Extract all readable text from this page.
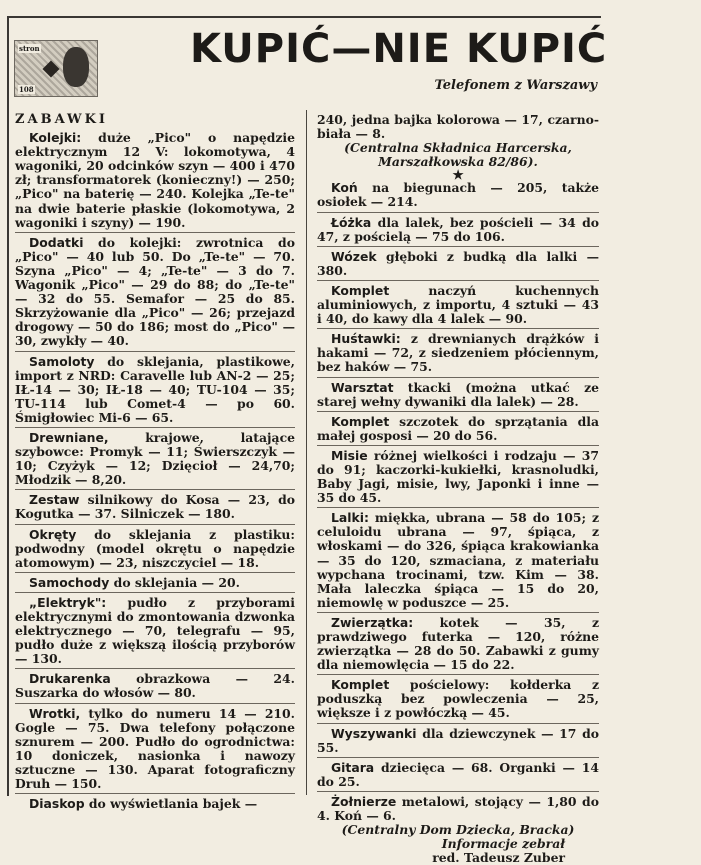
stron
108
KUPIĆ—NIE KUPIĆ
Telefonem z Warszawy
ZABAWKI

Kolejki: duże „Pico" o napędzie elektrycznym 12 V: lokomotywa, 4 wagoniki, 20 odcinków szyn — 400 i 470 zł; transformatorek (konieczny!) — 250; „Pico" na baterię — 240. Kolejka „Te-te" na dwie baterie płaskie (lokomotywa, 2 wagoniki i szyny) — 190.

Dodatki do kolejki: zwrotnica do „Pico" — 40 lub 50. Do „Te-te" — 70. Szyna „Pico" — 4; „Te-te" — 3 do 7. Wagonik „Pico" — 29 do 88; do „Te-te" — 32 do 55. Semafor — 25 do 85. Skrzyżowanie dla „Pico" — 26; przejazd drogowy — 50 do 186; most do „Pico" — 30, zwykły — 40.

Samoloty do sklejania, plastikowe, import z NRD: Caravelle lub AN-2 — 25; IŁ-14 — 30; IŁ-18 — 40; TU-104 — 35; TU-114 lub Comet-4 — po 60. Śmigłowiec Mi-6 — 65.

Drewniane, krajowe, latające szybowce: Promyk — 11; Świerszczyk — 10; Czyżyk — 12; Dzięcioł — 24,70; Młodzik — 8,20.

Zestaw silnikowy do Kosa — 23, do Kogutka — 37. Silniczek — 180.

Okręty do sklejania z plastiku: podwodny (model okrętu o napędzie atomowym) — 23, niszczyciel — 18.

Samochody do sklejania — 20.

„Elektryk": pudło z przyborami elektrycznymi do zmontowania dzwonka elektrycznego — 70, telegrafu — 95, pudło duże z większą ilością przyborów — 130.

Drukarenka obrazkowa — 24. Suszarka do włosów — 80.

Wrotki, tylko do numeru 14 — 210. Gogle — 75. Dwa telefony połączone sznurem — 200. Pudło do ogrodnictwa: 10 doniczek, nasionka i nawozy sztuczne — 130. Aparat fotograficzny Druh — 150.

Diaskop do wyświetlania bajek —

240, jedna bajka kolorowa — 17, czarno-biała — 8.

(Centralna Składnica Harcerska, Marszałkowska 82/86).

★

Koń na biegunach — 205, także osiołek — 214.

Łóżka dla lalek, bez pościeli — 34 do 47, z pościelą — 75 do 106.

Wózek głęboki z budką dla lalki — 380.

Komplet naczyń kuchennych aluminiowych, z importu, 4 sztuki — 43 i 40, do kawy dla 4 lalek — 90.

Huśtawki: z drewnianych drążków i hakami — 72, z siedzeniem płóciennym, bez haków — 75.

Warsztat tkacki (można utkać ze starej wełny dywaniki dla lalek) — 28.

Komplet szczotek do sprzątania dla małej gosposi — 20 do 56.

Misie różnej wielkości i rodzaju — 37 do 91; kaczorki-kukiełki, krasnoludki, Baby Jagi, misie, lwy, Japonki i inne — 35 do 45.

Lalki: miękka, ubrana — 58 do 105; z celuloidu ubrana — 97, śpiąca, z włoskami — do 326, śpiąca krakowianka — 35 do 120, szmaciana, z materiału wypchana trocinami, tzw. Kim — 38. Mała laleczka śpiąca — 15 do 20, niemowlę w poduszce — 25.

Zwierzątka: kotek — 35, z prawdziwego futerka — 120, różne zwierzątka — 28 do 50. Zabawki z gumy dla niemowlęcia — 15 do 22.

Komplet pościelowy: kołderka z poduszką bez powleczenia — 25, większe i z powłóczką — 45.

Wyszywanki dla dziewczynek — 17 do 55.

Gitara dziecięca — 68. Organki — 14 do 25.

Żołnierze metalowi, stojący — 1,80 do 4. Koń — 6.

(Centralny Dom Dziecka, Bracka)

Informacje zebrał

red. Tadeusz Zuber
